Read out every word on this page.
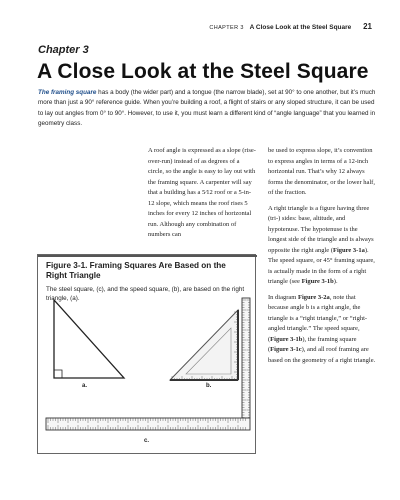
CHAPTER 3 A Close Look at the Steel Square 21
Chapter 3
A Close Look at the Steel Square
The framing square has a body (the wider part) and a tongue (the narrow blade), set at 90° to one another, but it’s much more than just a 90° reference guide. When you’re building a roof, a flight of stairs or any sloped structure, it can be used to lay out angles from 0° to 90°. However, to use it, you must learn a different kind of “angle language” that you learned in geometry class.

A roof angle is expressed as a slope (rise-over-run) instead of as degrees of a circle, so the angle is easy to lay out with the framing square. A carpenter will say that a building has a 5⁄12 roof or a 5-in-12 slope, which means the roof rises 5 inches for every 12 inches of horizontal run. Although any combination of numbers can

be used to express slope, it’s convention to express angles in terms of a 12-inch horizontal run. That’s why 12 always forms the denominator, or the lower half, of the fraction.

A right triangle is a figure having three (tri-) sides: base, altitude, and hypotenuse. The hypotenuse is the longest side of the triangle and is always opposite the right angle (Figure 3-1a). The speed square, or 45° framing square, is actually made in the form of a right triangle (see Figure 3-1b).

In diagram Figure 3-2a, note that because angle b is a right angle, the triangle is a “right triangle,” or “right-angled triangle.” The speed square, (Figure 3-1b), the framing square (Figure 3-1c), and all roof framing are based on the geometry of a right triangle.

Figure 3-1. Framing Squares Are Based on the Right Triangle
The steel square, (c), and the speed square, (b), are based on the right triangle, (a).
a.	b.
c.
